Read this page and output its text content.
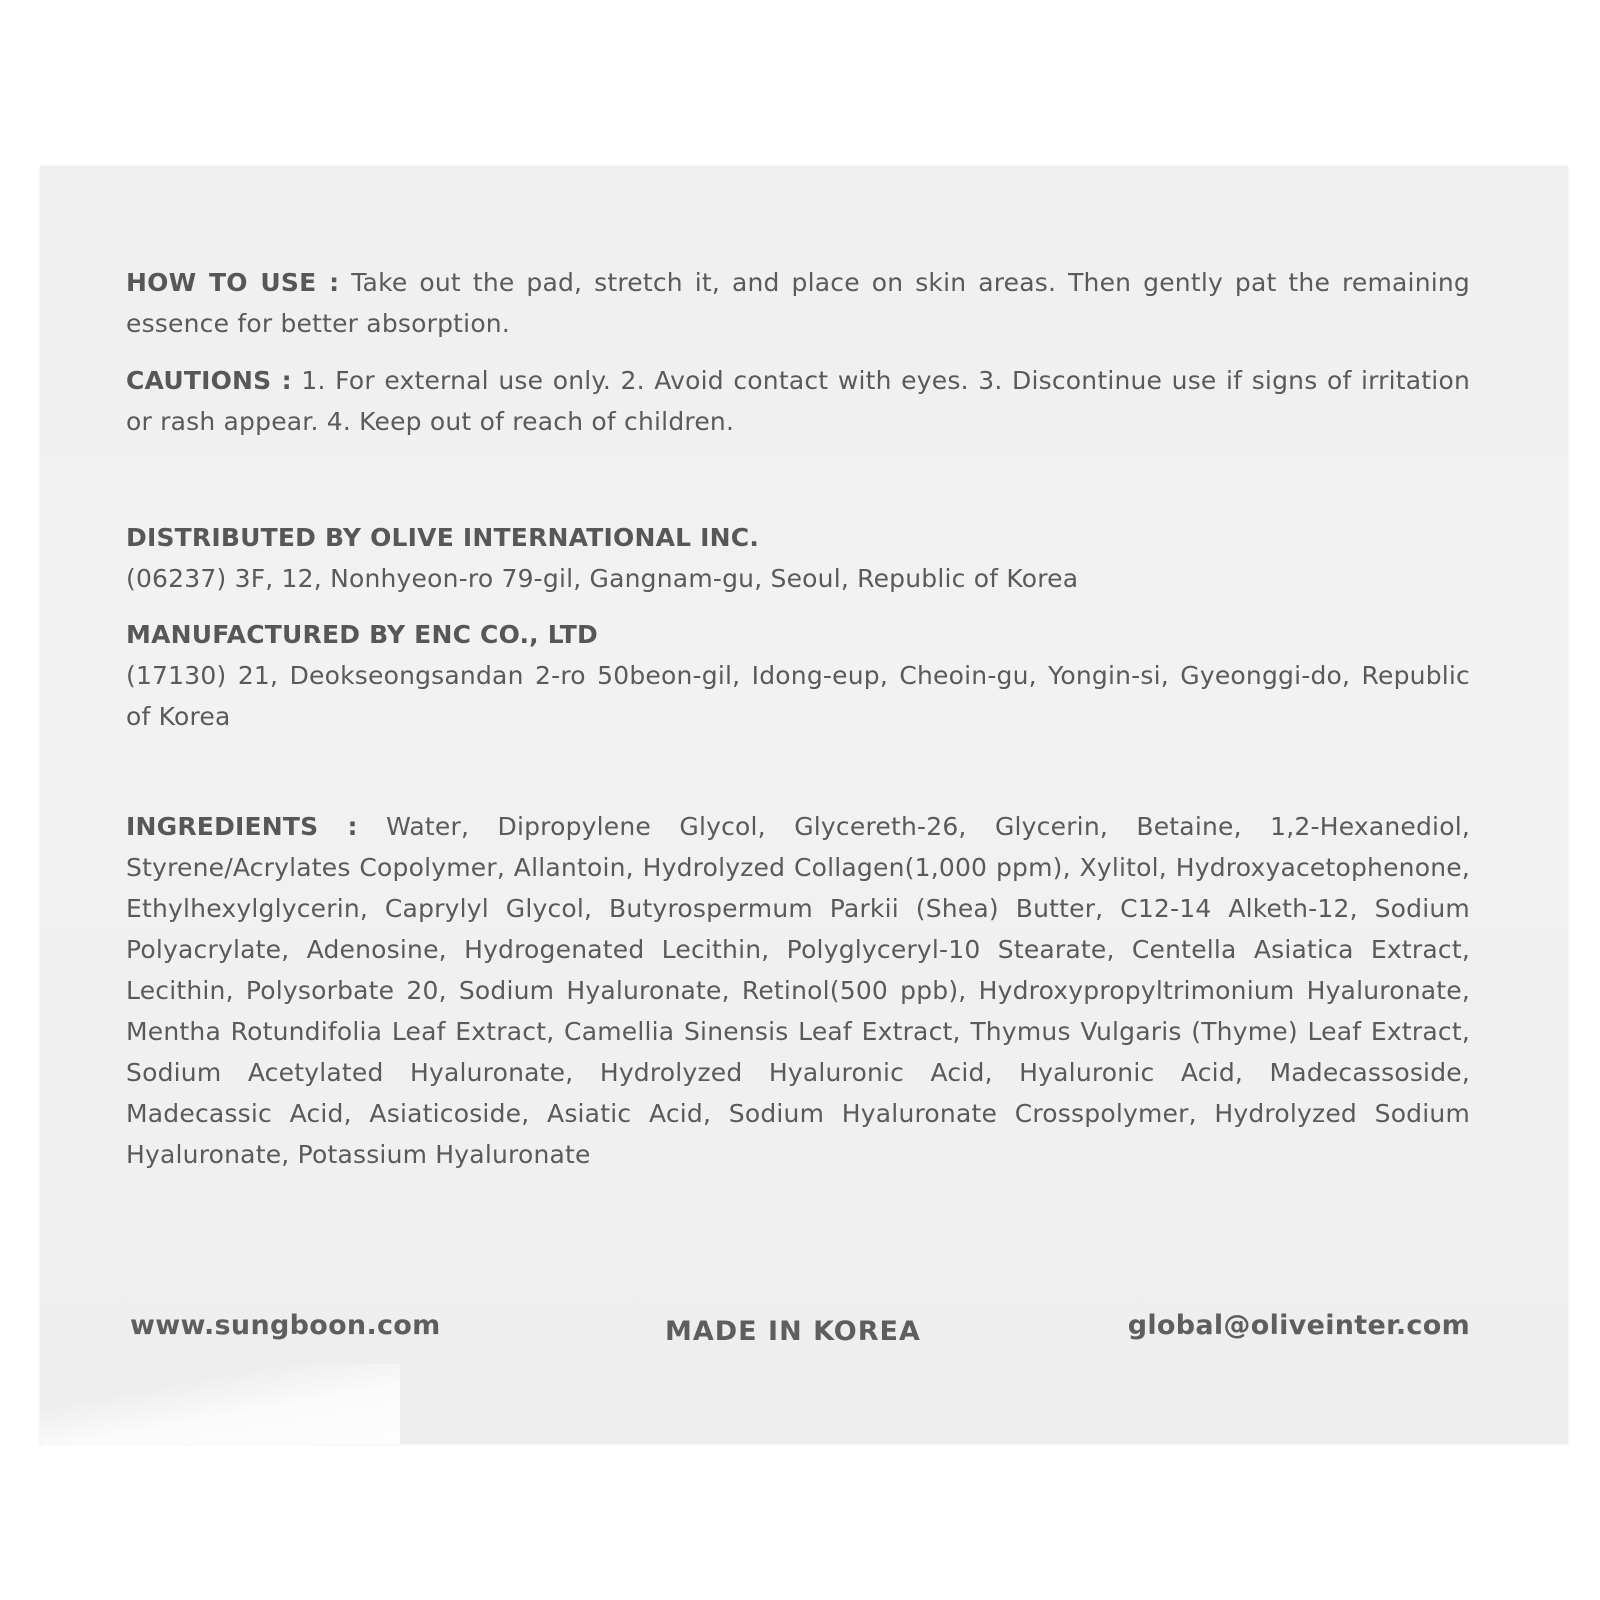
HOW TO USE : Take out the pad, stretch it, and place on skin areas. Then gently pat the remaining essence for better absorption.
CAUTIONS : 1. For external use only. 2. Avoid contact with eyes. 3. Discontinue use if signs of irritation or rash appear. 4. Keep out of reach of children.
DISTRIBUTED BY OLIVE INTERNATIONAL INC.
(06237) 3F, 12, Nonhyeon-ro 79-gil, Gangnam-gu, Seoul, Republic of Korea
MANUFACTURED BY ENC CO., LTD
(17130) 21, Deokseongsandan 2-ro 50beon-gil, Idong-eup, Cheoin-gu, Yongin-si, Gyeonggi-do, Republic of Korea
INGREDIENTS : Water, Dipropylene Glycol, Glycereth-26, Glycerin, Betaine, 1,2-Hexanediol, Styrene/Acrylates Copolymer, Allantoin, Hydrolyzed Collagen(1,000 ppm), Xylitol, Hydroxyacetophenone, Ethylhexylglycerin, Caprylyl Glycol, Butyrospermum Parkii (Shea) Butter, C12-14 Alketh-12, Sodium Polyacrylate, Adenosine, Hydrogenated Lecithin, Polyglyceryl-10 Stearate, Centella Asiatica Extract, Lecithin, Polysorbate 20, Sodium Hyaluronate, Retinol(500 ppb), Hydroxypropyltrimonium Hyaluronate, Mentha Rotundifolia Leaf Extract, Camellia Sinensis Leaf Extract, Thymus Vulgaris (Thyme) Leaf Extract, Sodium Acetylated Hyaluronate, Hydrolyzed Hyaluronic Acid, Hyaluronic Acid, Madecassoside, Madecassic Acid, Asiaticoside, Asiatic Acid, Sodium Hyaluronate Crosspolymer, Hydrolyzed Sodium Hyaluronate, Potassium Hyaluronate
www.sungboon.com	MADE IN KOREA	global@oliveinter.com
